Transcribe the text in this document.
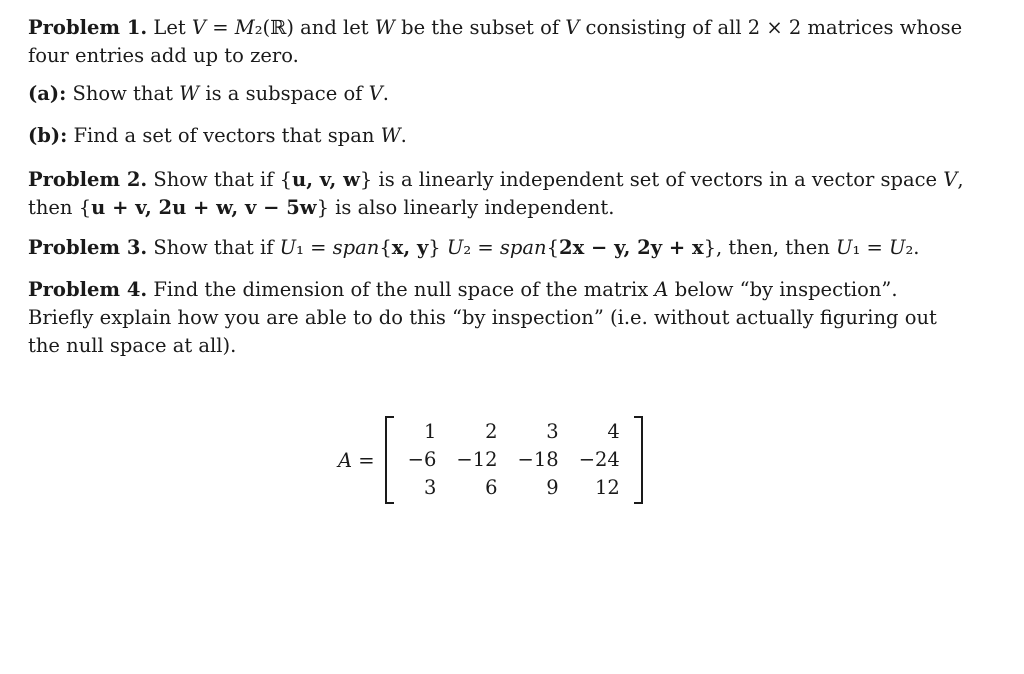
Problem 1. Let V = M₂(ℝ) and let W be the subset of V consisting of all 2 × 2 matrices whose four entries add up to zero.

(a): Show that W is a subspace of V.

(b): Find a set of vectors that span W.

Problem 2. Show that if {u, v, w} is a linearly independent set of vectors in a vector space V, then {u + v, 2u + w, v − 5w} is also linearly independent.

Problem 3. Show that if U₁ = span{x, y} U₂ = span{2x − y, 2y + x}, then, then U₁ = U₂.

Problem 4. Find the dimension of the null space of the matrix A below “by inspection”. Briefly explain how you are able to do this “by inspection” (i.e. without actually figuring out the null space at all).

A =
1	2	3	4
−6	−12	−18	−24
3	6	9	12
